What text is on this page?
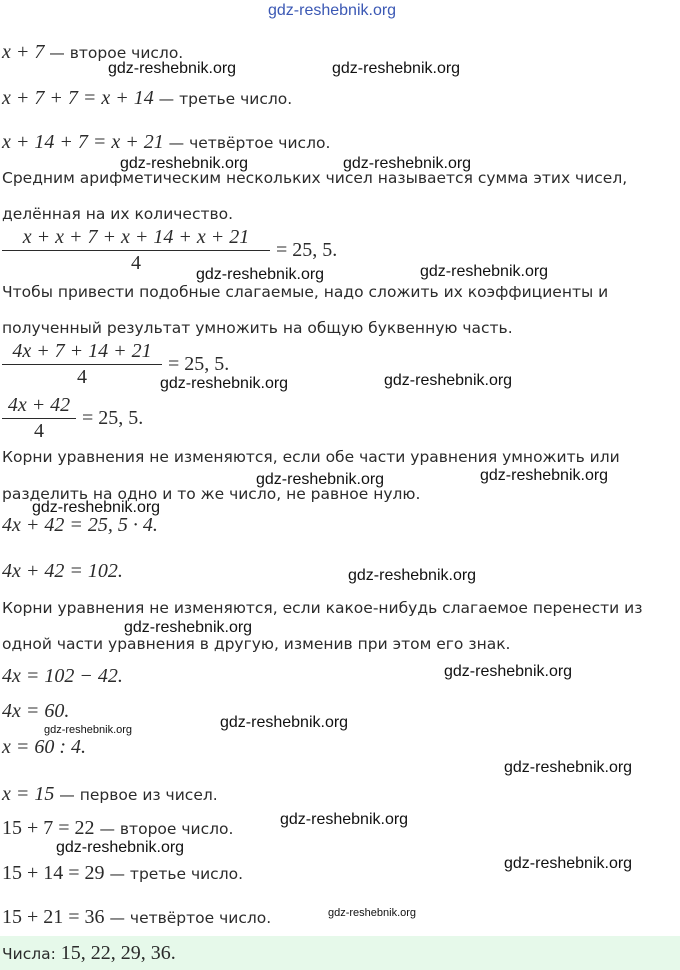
gdz-reshebnik.org
x + 7 — второе число.
gdz-reshebnik.org	gdz-reshebnik.org
x + 7 + 7 = x + 14 — третье число.
x + 14 + 7 = x + 21 — четвёртое число.
gdz-reshebnik.org	gdz-reshebnik.org
Средним арифметическим нескольких чисел называется сумма этих чисел,
делённая на их количество.
x + x + 7 + x + 14 + x + 21
4
= 25, 5.
gdz-reshebnik.org	gdz-reshebnik.org
Чтобы привести подобные слагаемые, надо сложить их коэффициенты и
полученный результат умножить на общую буквенную часть.
4x + 7 + 14 + 21
4
= 25, 5.
gdz-reshebnik.org	gdz-reshebnik.org
4x + 42
4
= 25, 5.
Корни уравнения не изменяются, если обе части уравнения умножить или
gdz-reshebnik.org	gdz-reshebnik.org
разделить на одно и то же число, не равное нулю.
gdz-reshebnik.org
4x + 42 = 25, 5 · 4.
4x + 42 = 102.	gdz-reshebnik.org
Корни уравнения не изменяются, если какое-нибудь слагаемое перенести из
gdz-reshebnik.org
одной части уравнения в другую, изменив при этом его знак.
4x = 102 − 42.	gdz-reshebnik.org
4x = 60.
gdz-reshebnik.org	gdz-reshebnik.org
x = 60 : 4.
gdz-reshebnik.org
x = 15 — первое из чисел.
gdz-reshebnik.org
15 + 7 = 22 — второе число.
gdz-reshebnik.org
gdz-reshebnik.org
15 + 14 = 29 — третье число.
15 + 21 = 36 — четвёртое число.	gdz-reshebnik.org
Числа: 15, 22, 29, 36.
